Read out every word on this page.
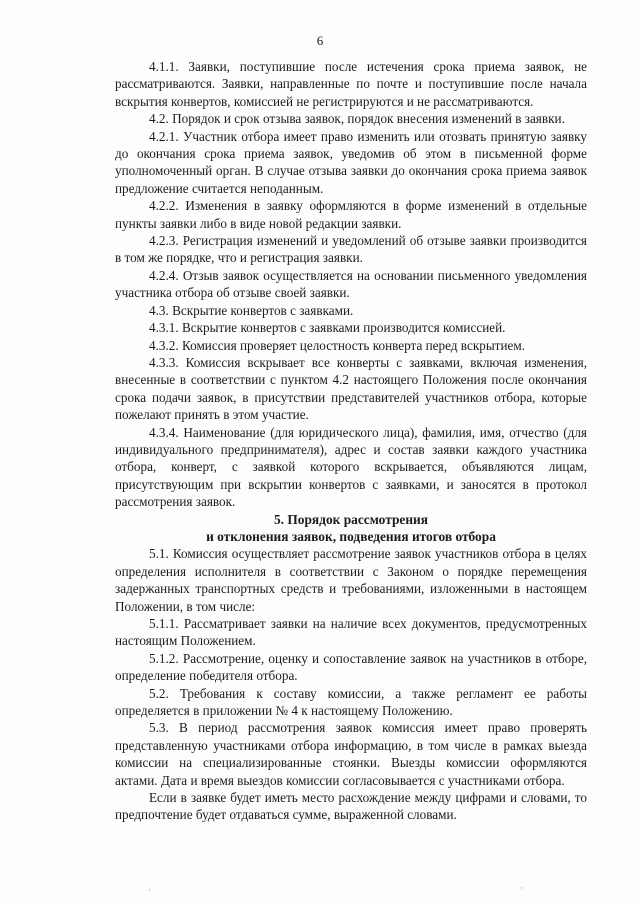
6

4.1.1. Заявки, поступившие после истечения срока приема заявок, не рассматриваются. Заявки, направленные по почте и поступившие после начала вскрытия конвертов, комиссией не регистрируются и не рассматриваются.

4.2. Порядок и срок отзыва заявок, порядок внесения изменений в заявки.

4.2.1. Участник отбора имеет право изменить или отозвать принятую заявку до окончания срока приема заявок, уведомив об этом в письменной форме уполномоченный орган. В случае отзыва заявки до окончания срока приема заявок предложение считается неподанным.

4.2.2. Изменения в заявку оформляются в форме изменений в отдельные пункты заявки либо в виде новой редакции заявки.

4.2.3. Регистрация изменений и уведомлений об отзыве заявки производится в том же порядке, что и регистрация заявки.

4.2.4. Отзыв заявок осуществляется на основании письменного уведомления участника отбора об отзыве своей заявки.

4.3. Вскрытие конвертов с заявками.

4.3.1. Вскрытие конвертов с заявками производится комиссией.

4.3.2. Комиссия проверяет целостность конверта перед вскрытием.

4.3.3. Комиссия вскрывает все конверты с заявками, включая изменения, внесенные в соответствии с пунктом 4.2 настоящего Положения после окончания срока подачи заявок, в присутствии представителей участников отбора, которые пожелают принять в этом участие.

4.3.4. Наименование (для юридического лица), фамилия, имя, отчество (для индивидуального предпринимателя), адрес и состав заявки каждого участника отбора, конверт, с заявкой которого вскрывается, объявляются лицам, присутствующим при вскрытии конвертов с заявками, и заносятся в протокол рассмотрения заявок.

5. Порядок рассмотрения

и отклонения заявок, подведения итогов отбора

5.1. Комиссия осуществляет рассмотрение заявок участников отбора в целях определения исполнителя в соответствии с Законом о порядке перемещения задержанных транспортных средств и требованиями, изложенными в настоящем Положении, в том числе:

5.1.1. Рассматривает заявки на наличие всех документов, предусмотренных настоящим Положением.

5.1.2. Рассмотрение, оценку и сопоставление заявок на участников в отборе, определение победителя отбора.

5.2. Требования к составу комиссии, а также регламент ее работы определяется в приложении № 4 к настоящему Положению.

5.3. В период рассмотрения заявок комиссия имеет право проверять представленную участниками отбора информацию, в том числе в рамках выезда комиссии на специализированные стоянки. Выезды комиссии оформляются актами. Дата и время выездов комиссии согласовывается с участниками отбора.

Если в заявке будет иметь место расхождение между цифрами и словами, то предпочтение будет отдаваться сумме, выраженной словами.

·	·
